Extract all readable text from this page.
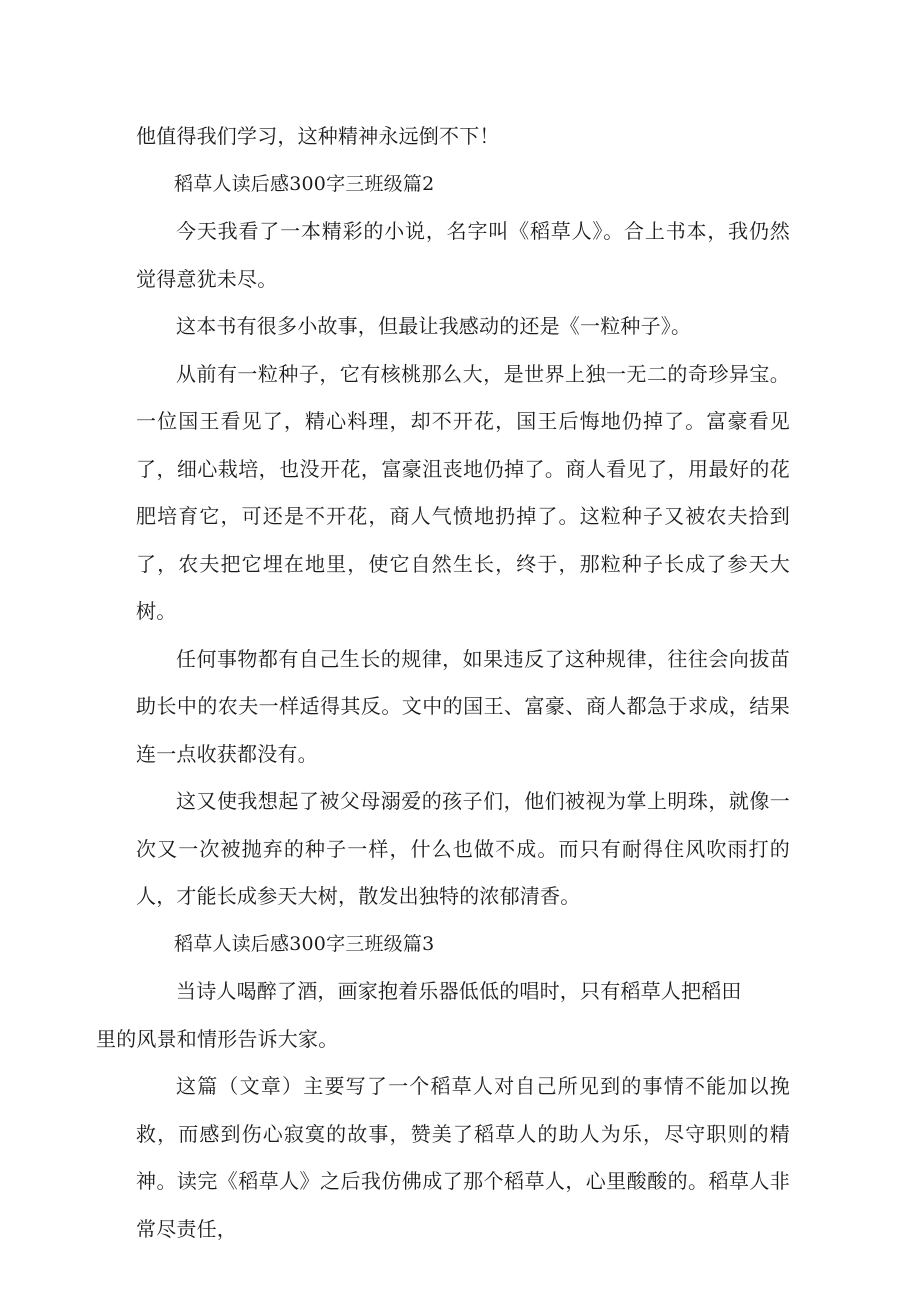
他值得我们学习，这种精神永远倒不下！

稻草人读后感300字三班级篇2

今天我看了一本精彩的小说，名字叫《稻草人》。合上书本，我仍然觉得意犹未尽。

这本书有很多小故事，但最让我感动的还是《一粒种子》。

从前有一粒种子，它有核桃那么大，是世界上独一无二的奇珍异宝。一位国王看见了，精心料理，却不开花，国王后悔地仍掉了。富豪看见了，细心栽培，也没开花，富豪沮丧地仍掉了。商人看见了，用最好的花肥培育它，可还是不开花，商人气愤地扔掉了。这粒种子又被农夫拾到了，农夫把它埋在地里，使它自然生长，终于，那粒种子长成了参天大树。

任何事物都有自己生长的规律，如果违反了这种规律，往往会向拔苗助长中的农夫一样适得其反。文中的国王、富豪、商人都急于求成，结果连一点收获都没有。

这又使我想起了被父母溺爱的孩子们，他们被视为掌上明珠，就像一次又一次被抛弃的种子一样，什么也做不成。而只有耐得住风吹雨打的人，才能长成参天大树，散发出独特的浓郁清香。

稻草人读后感300字三班级篇3

当诗人喝醉了酒，画家抱着乐器低低的唱时，只有稻草人把稻田
里的风景和情形告诉大家。

这篇（文章）主要写了一个稻草人对自己所见到的事情不能加以挽救，而感到伤心寂寞的故事，赞美了稻草人的助人为乐，尽守职则的精神。读完《稻草人》之后我仿佛成了那个稻草人，心里酸酸的。稻草人非常尽责任，
